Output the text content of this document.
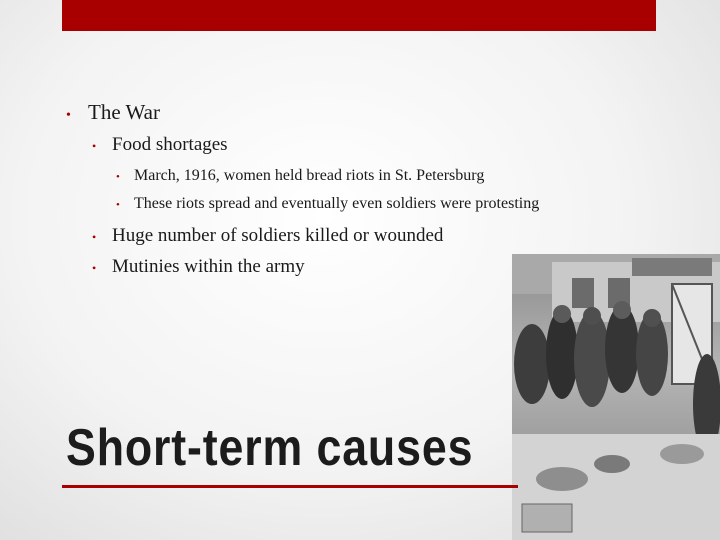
• The War
• Food shortages
• March, 1916, women held bread riots in St. Petersburg
• These riots spread and eventually even soldiers were protesting
• Huge number of soldiers killed or wounded
• Mutinies within the army
Short-term causes
